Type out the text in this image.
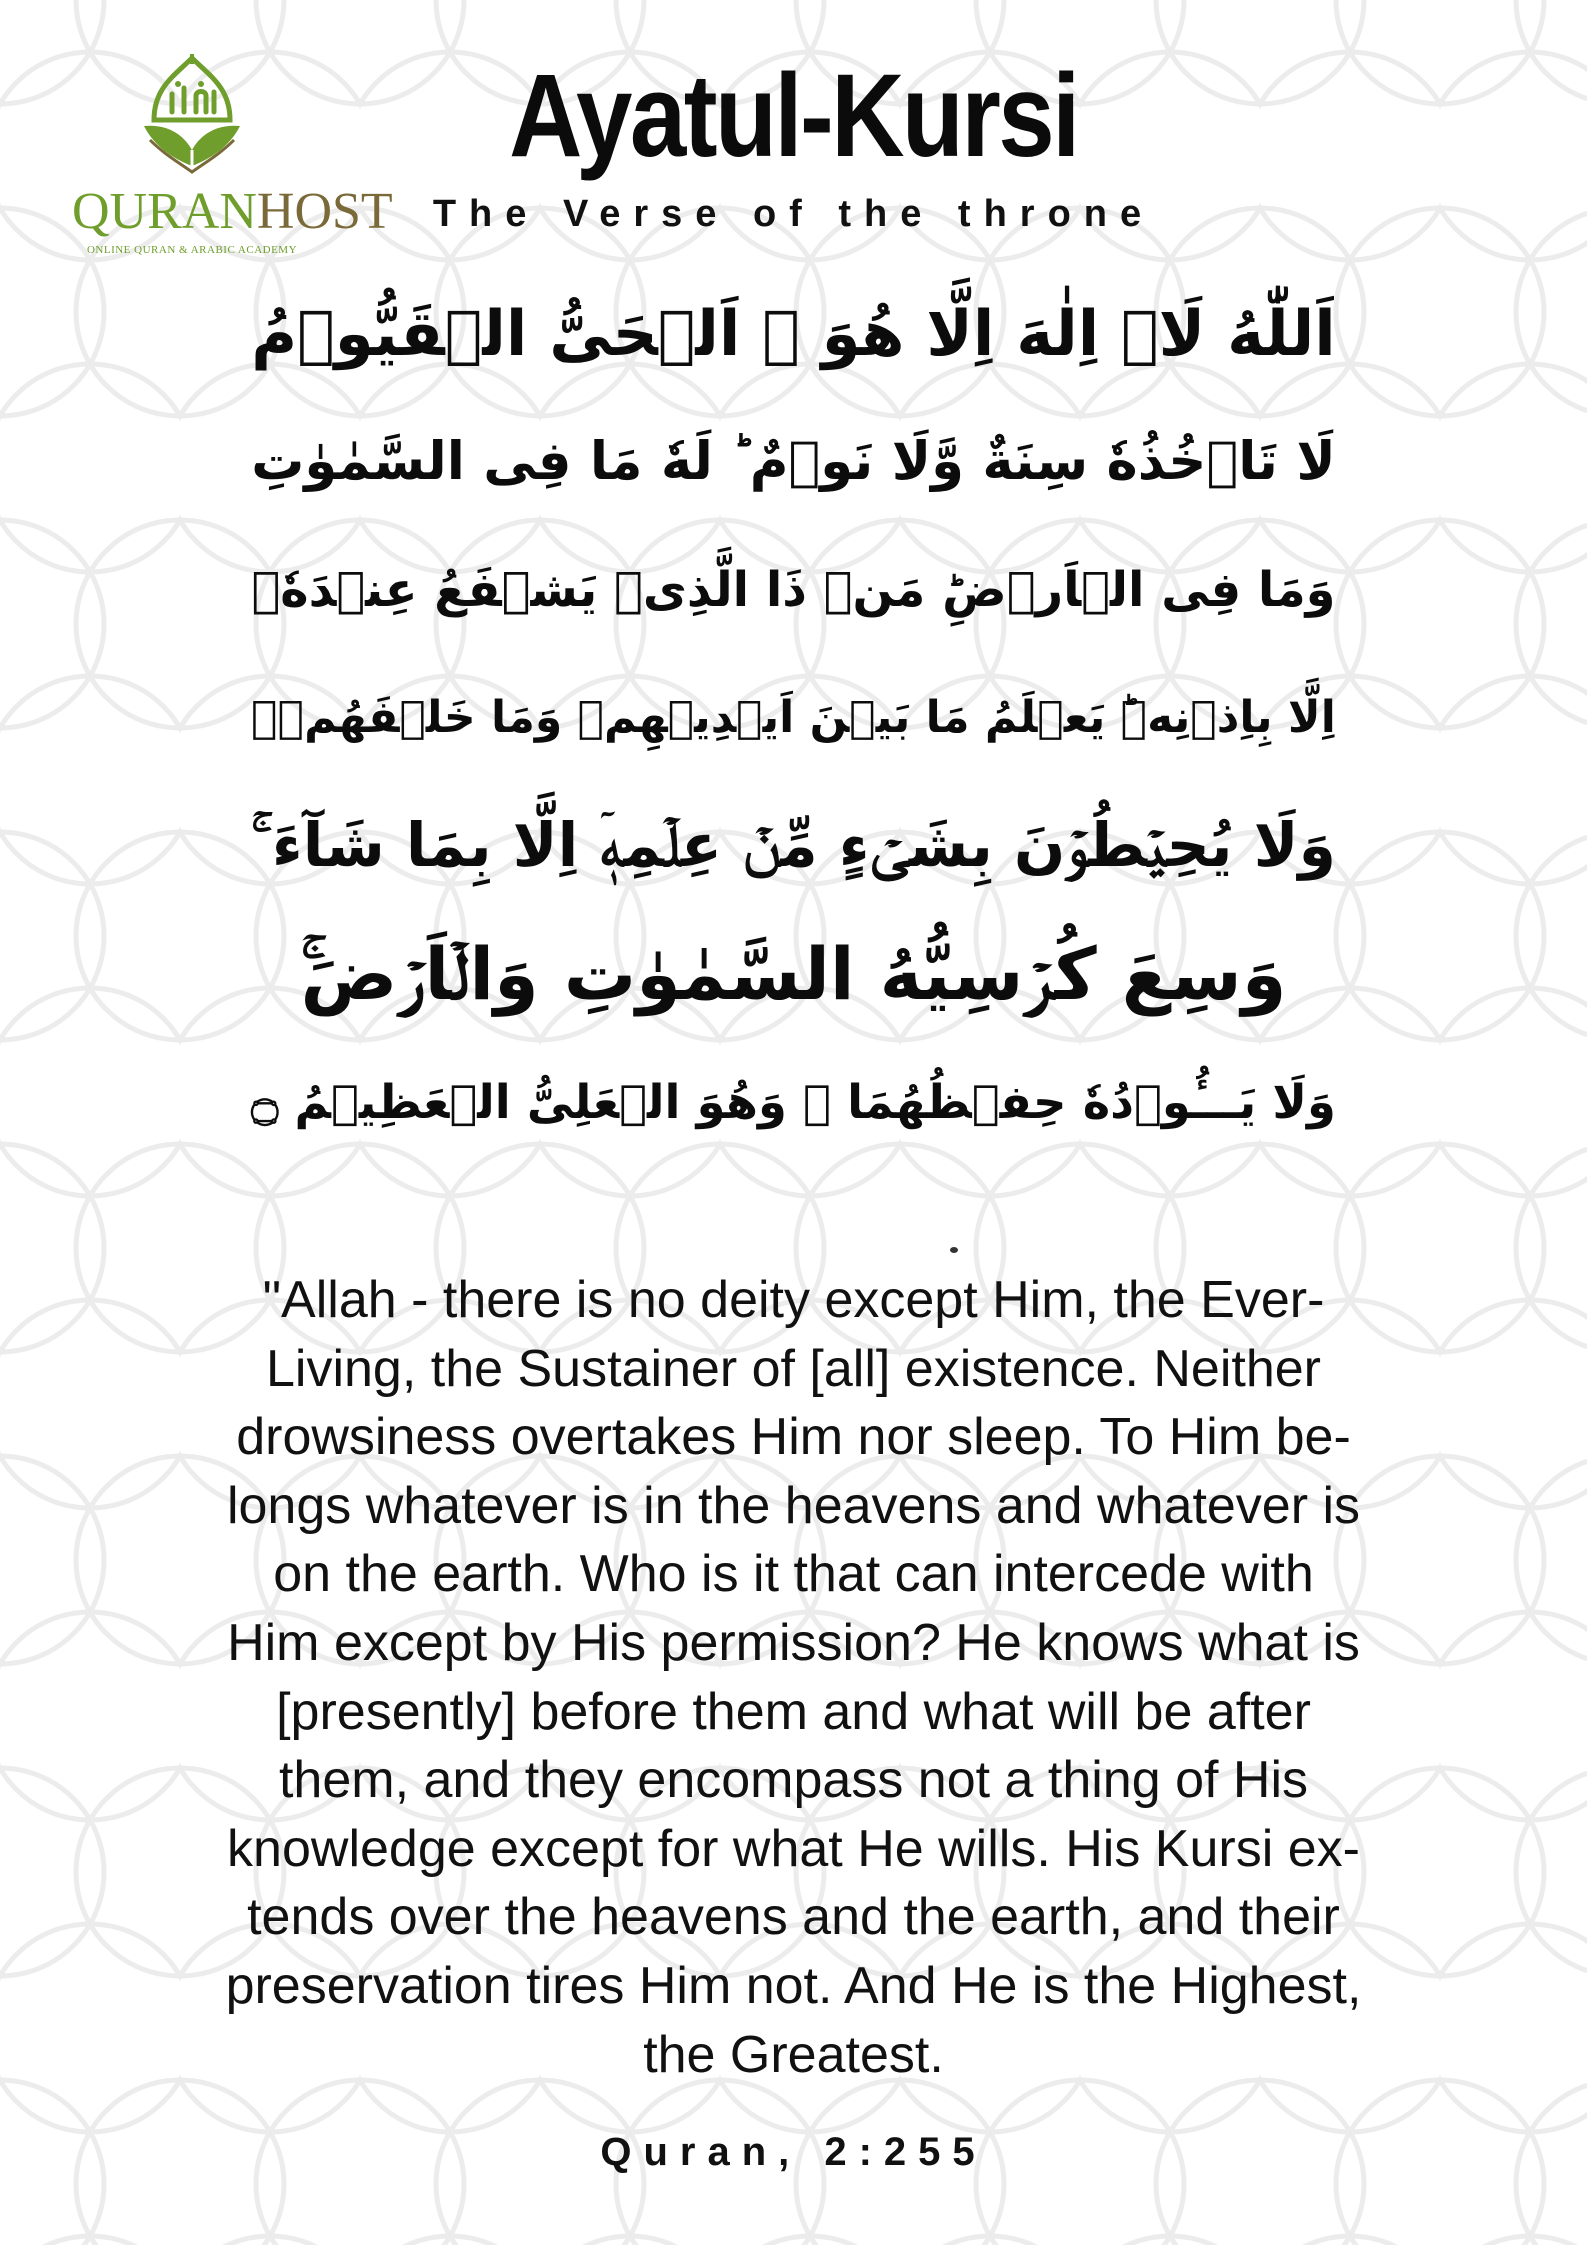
QURANHOST
ONLINE QURAN & ARABIC ACADEMY
Ayatul-Kursi
The Verse of the throne
اَللّٰهُ لَاۤ اِلٰهَ اِلَّا هُوَ ۚ اَلۡحَىُّ الۡقَيُّوۡمُ
لَا تَاۡخُذُهٗ سِنَةٌ وَّلَا نَوۡمٌ ‌ؕ لَهٗ مَا فِى السَّمٰوٰتِ
وَمَا فِى الۡاَرۡضِ‌ؕ مَنۡ ذَا الَّذِىۡ يَشۡفَعُ عِنۡدَهٗۤ
اِلَّا بِاِذۡنِهٖ‌ؕ يَعۡلَمُ مَا بَيۡنَ اَيۡدِيۡهِمۡ وَمَا خَلۡفَهُمۡ‌ۚ
وَلَا يُحِيۡطُوۡنَ بِشَىۡءٍ مِّنۡ عِلۡمِهٖۤ اِلَّا بِمَا شَآءَ ‌ۚ
وَسِعَ كُرۡسِيُّهُ السَّمٰوٰتِ وَالۡاَرۡضَ‌ۚ
وَلَا يَـــُٔوۡدُهٗ حِفۡظُهُمَا ‌ۚ وَهُوَ الۡعَلِىُّ الۡعَظِيۡمُ‏ ۝
"Allah - there is no deity except Him, the Ever-
Living, the Sustainer of [all] existence. Neither
drowsiness overtakes Him nor sleep. To Him be-
longs whatever is in the heavens and whatever is
on the earth. Who is it that can intercede with
Him except by His permission? He knows what is
[presently] before them and what will be after
them, and they encompass not a thing of His
knowledge except for what He wills. His Kursi ex-
tends over the heavens and the earth, and their
preservation tires Him not. And He is the Highest,
the Greatest.
Quran, 2:255
